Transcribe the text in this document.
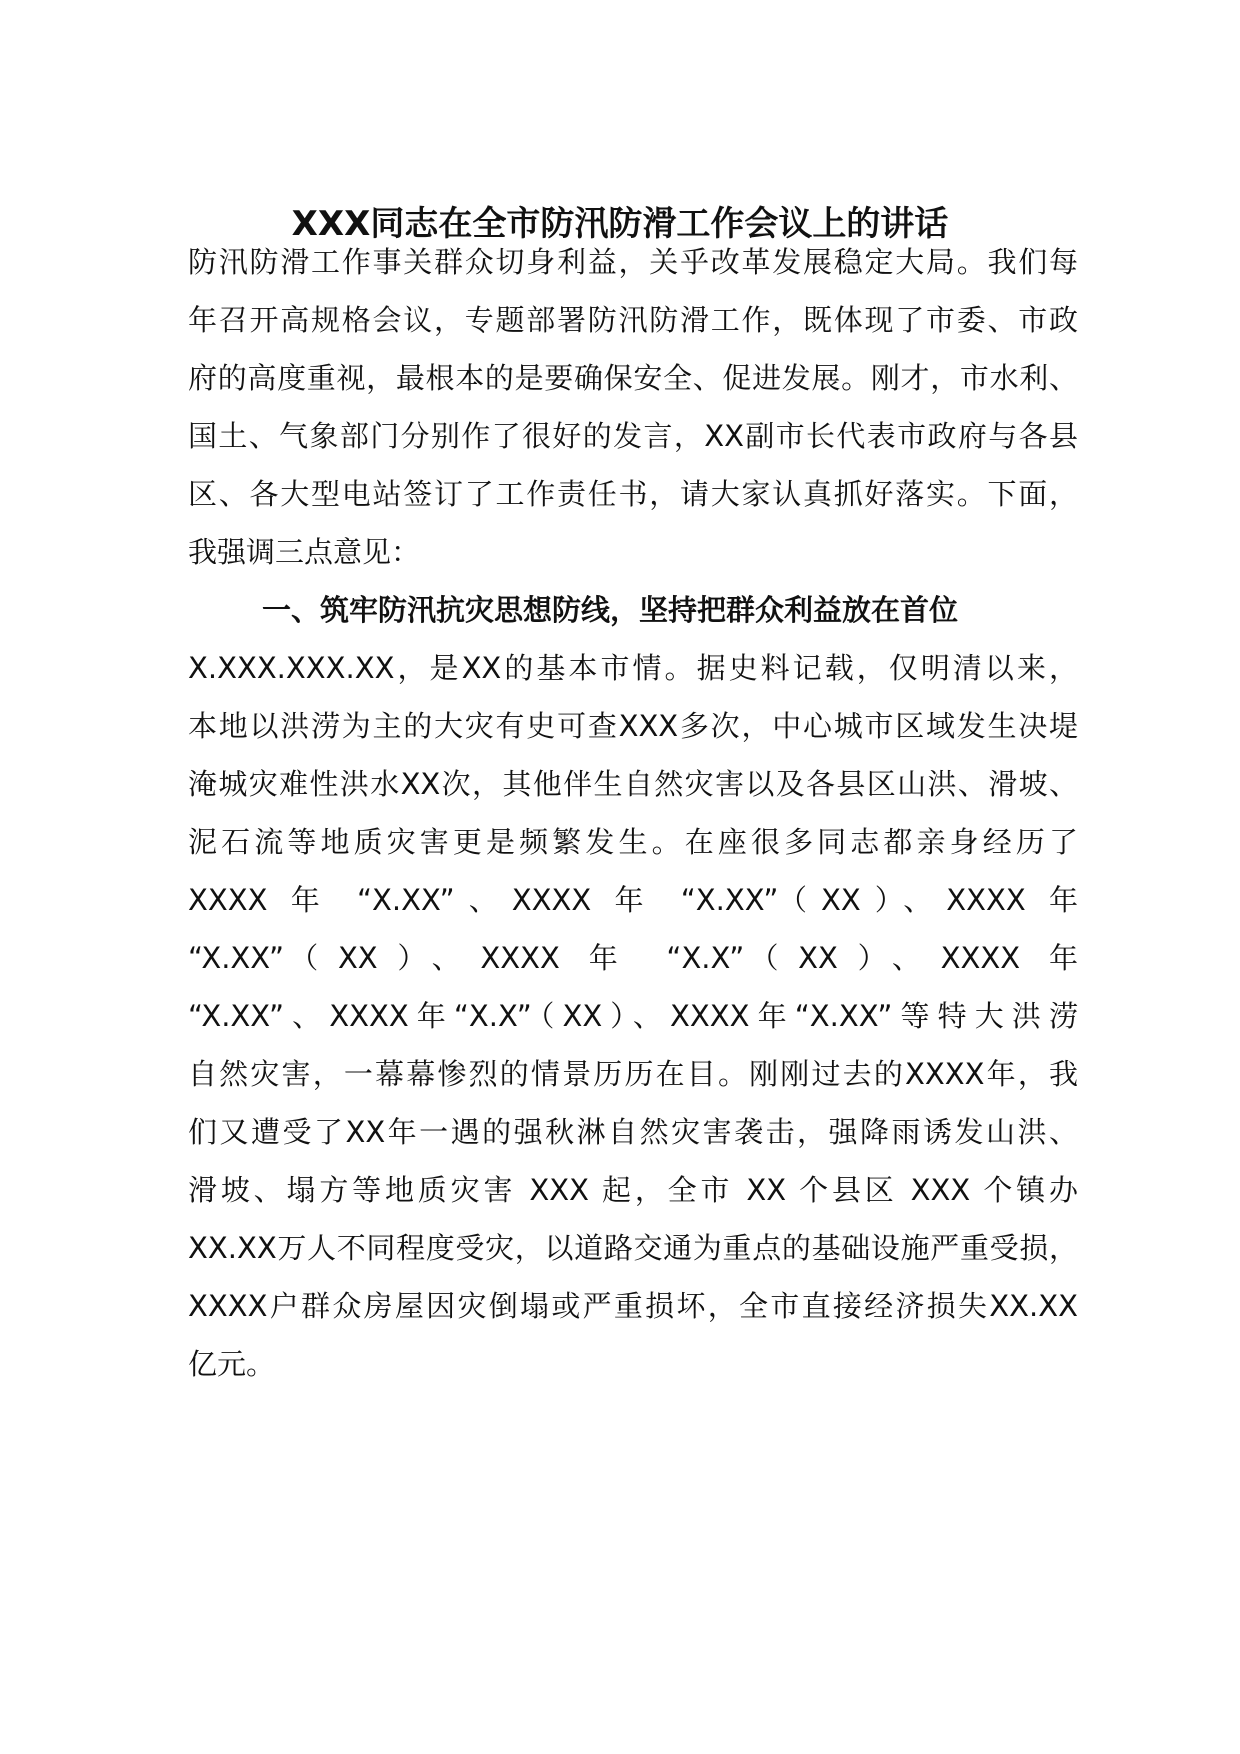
XXX同志在全市防汛防滑工作会议上的讲话
防汛防滑工作事关群众切身利益，关乎改革发展稳定大局。我们每
年召开高规格会议，专题部署防汛防滑工作，既体现了市委、市政
府的高度重视，最根本的是要确保安全、促进发展。刚才，市水利、
国土、气象部门分别作了很好的发言，XX副市长代表市政府与各县
区、各大型电站签订了工作责任书，请大家认真抓好落实。下面，
我强调三点意见：
一、筑牢防汛抗灾思想防线，坚持把群众利益放在首位
X.XXX.XXX.XX，是XX的基本市情。据史料记载，仅明清以来，
本地以洪涝为主的大灾有史可查XXX多次，中心城市区域发生决堤
淹城灾难性洪水XX次，其他伴生自然灾害以及各县区山洪、滑坡、
泥石流等地质灾害更是频繁发生。在座很多同志都亲身经历了
XXXX 年 “X.XX”、XXXX 年 “X.XX”（XX）、XXXX 年
“X.XX”（XX）、XXXX 年 “X.X”（XX）、XXXX 年
“X.XX”、XXXX年“X.X”（XX）、XXXX年“X.XX”等特大洪涝
自然灾害，一幕幕惨烈的情景历历在目。刚刚过去的XXXX年，我
们又遭受了XX年一遇的强秋淋自然灾害袭击，强降雨诱发山洪、
滑坡、塌方等地质灾害 XXX 起，全市 XX 个县区 XXX 个镇办
XX.XX万人不同程度受灾，以道路交通为重点的基础设施严重受损，
XXXX户群众房屋因灾倒塌或严重损坏，全市直接经济损失XX.XX
亿元。
